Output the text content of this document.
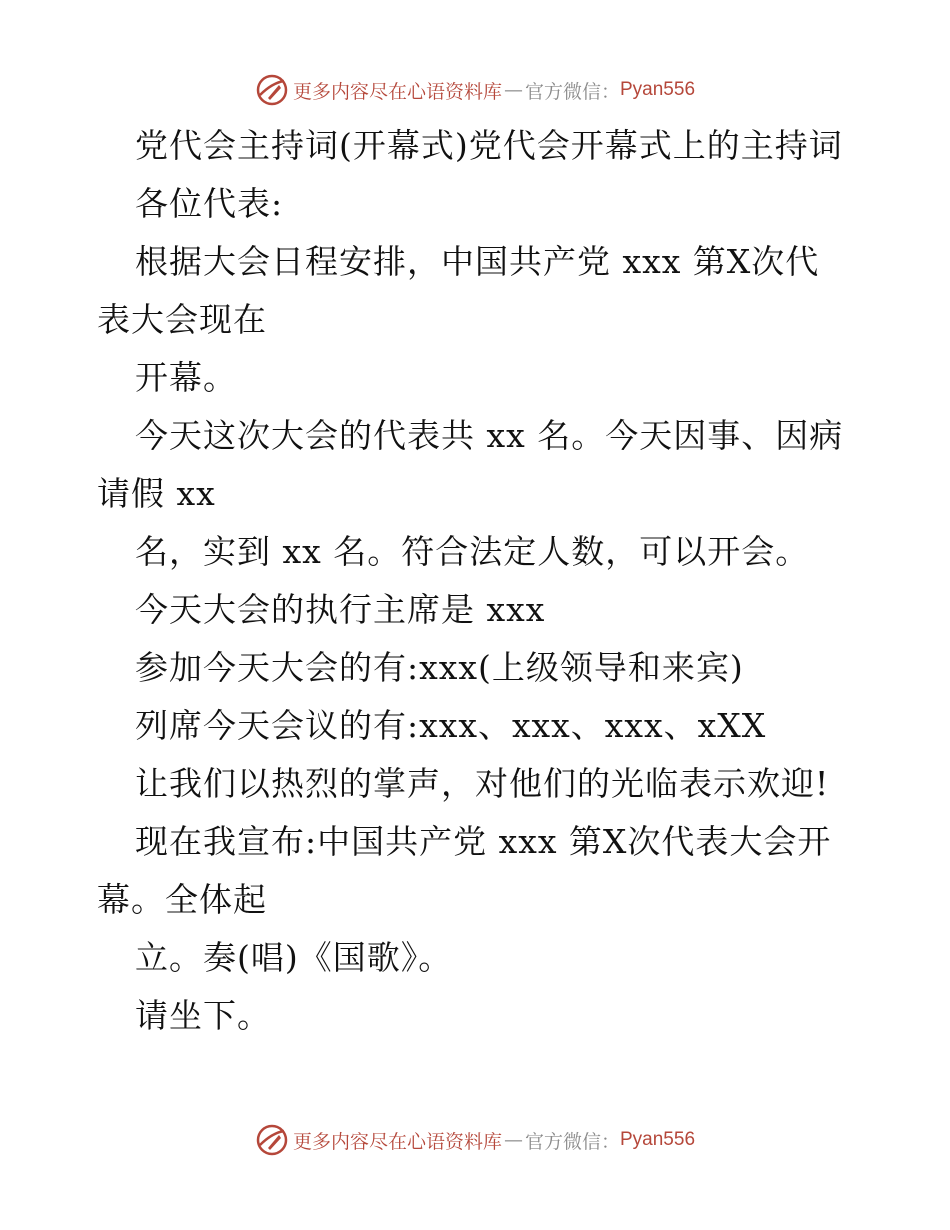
更多内容尽在心语资料库 — 官方微信： Pyan556
党代会主持词(开幕式)党代会开幕式上的主持词
各位代表:
根据大会日程安排，中国共产党 xxx 第Ⅹ次代
表大会现在
开幕。
今天这次大会的代表共 xx 名。今天因事、因病
请假 xx
名，实到 xx 名。符合法定人数，可以开会。
今天大会的执行主席是 xxx
参加今天大会的有:xxx(上级领导和来宾)
列席今天会议的有:xxx、xxx、xxx、xXX
让我们以热烈的掌声，对他们的光临表示欢迎!
现在我宣布:中国共产党 xxx 第Ⅹ次代表大会开
幕。全体起
立。奏(唱)《国歌》。
请坐下。
更多内容尽在心语资料库 — 官方微信： Pyan556
